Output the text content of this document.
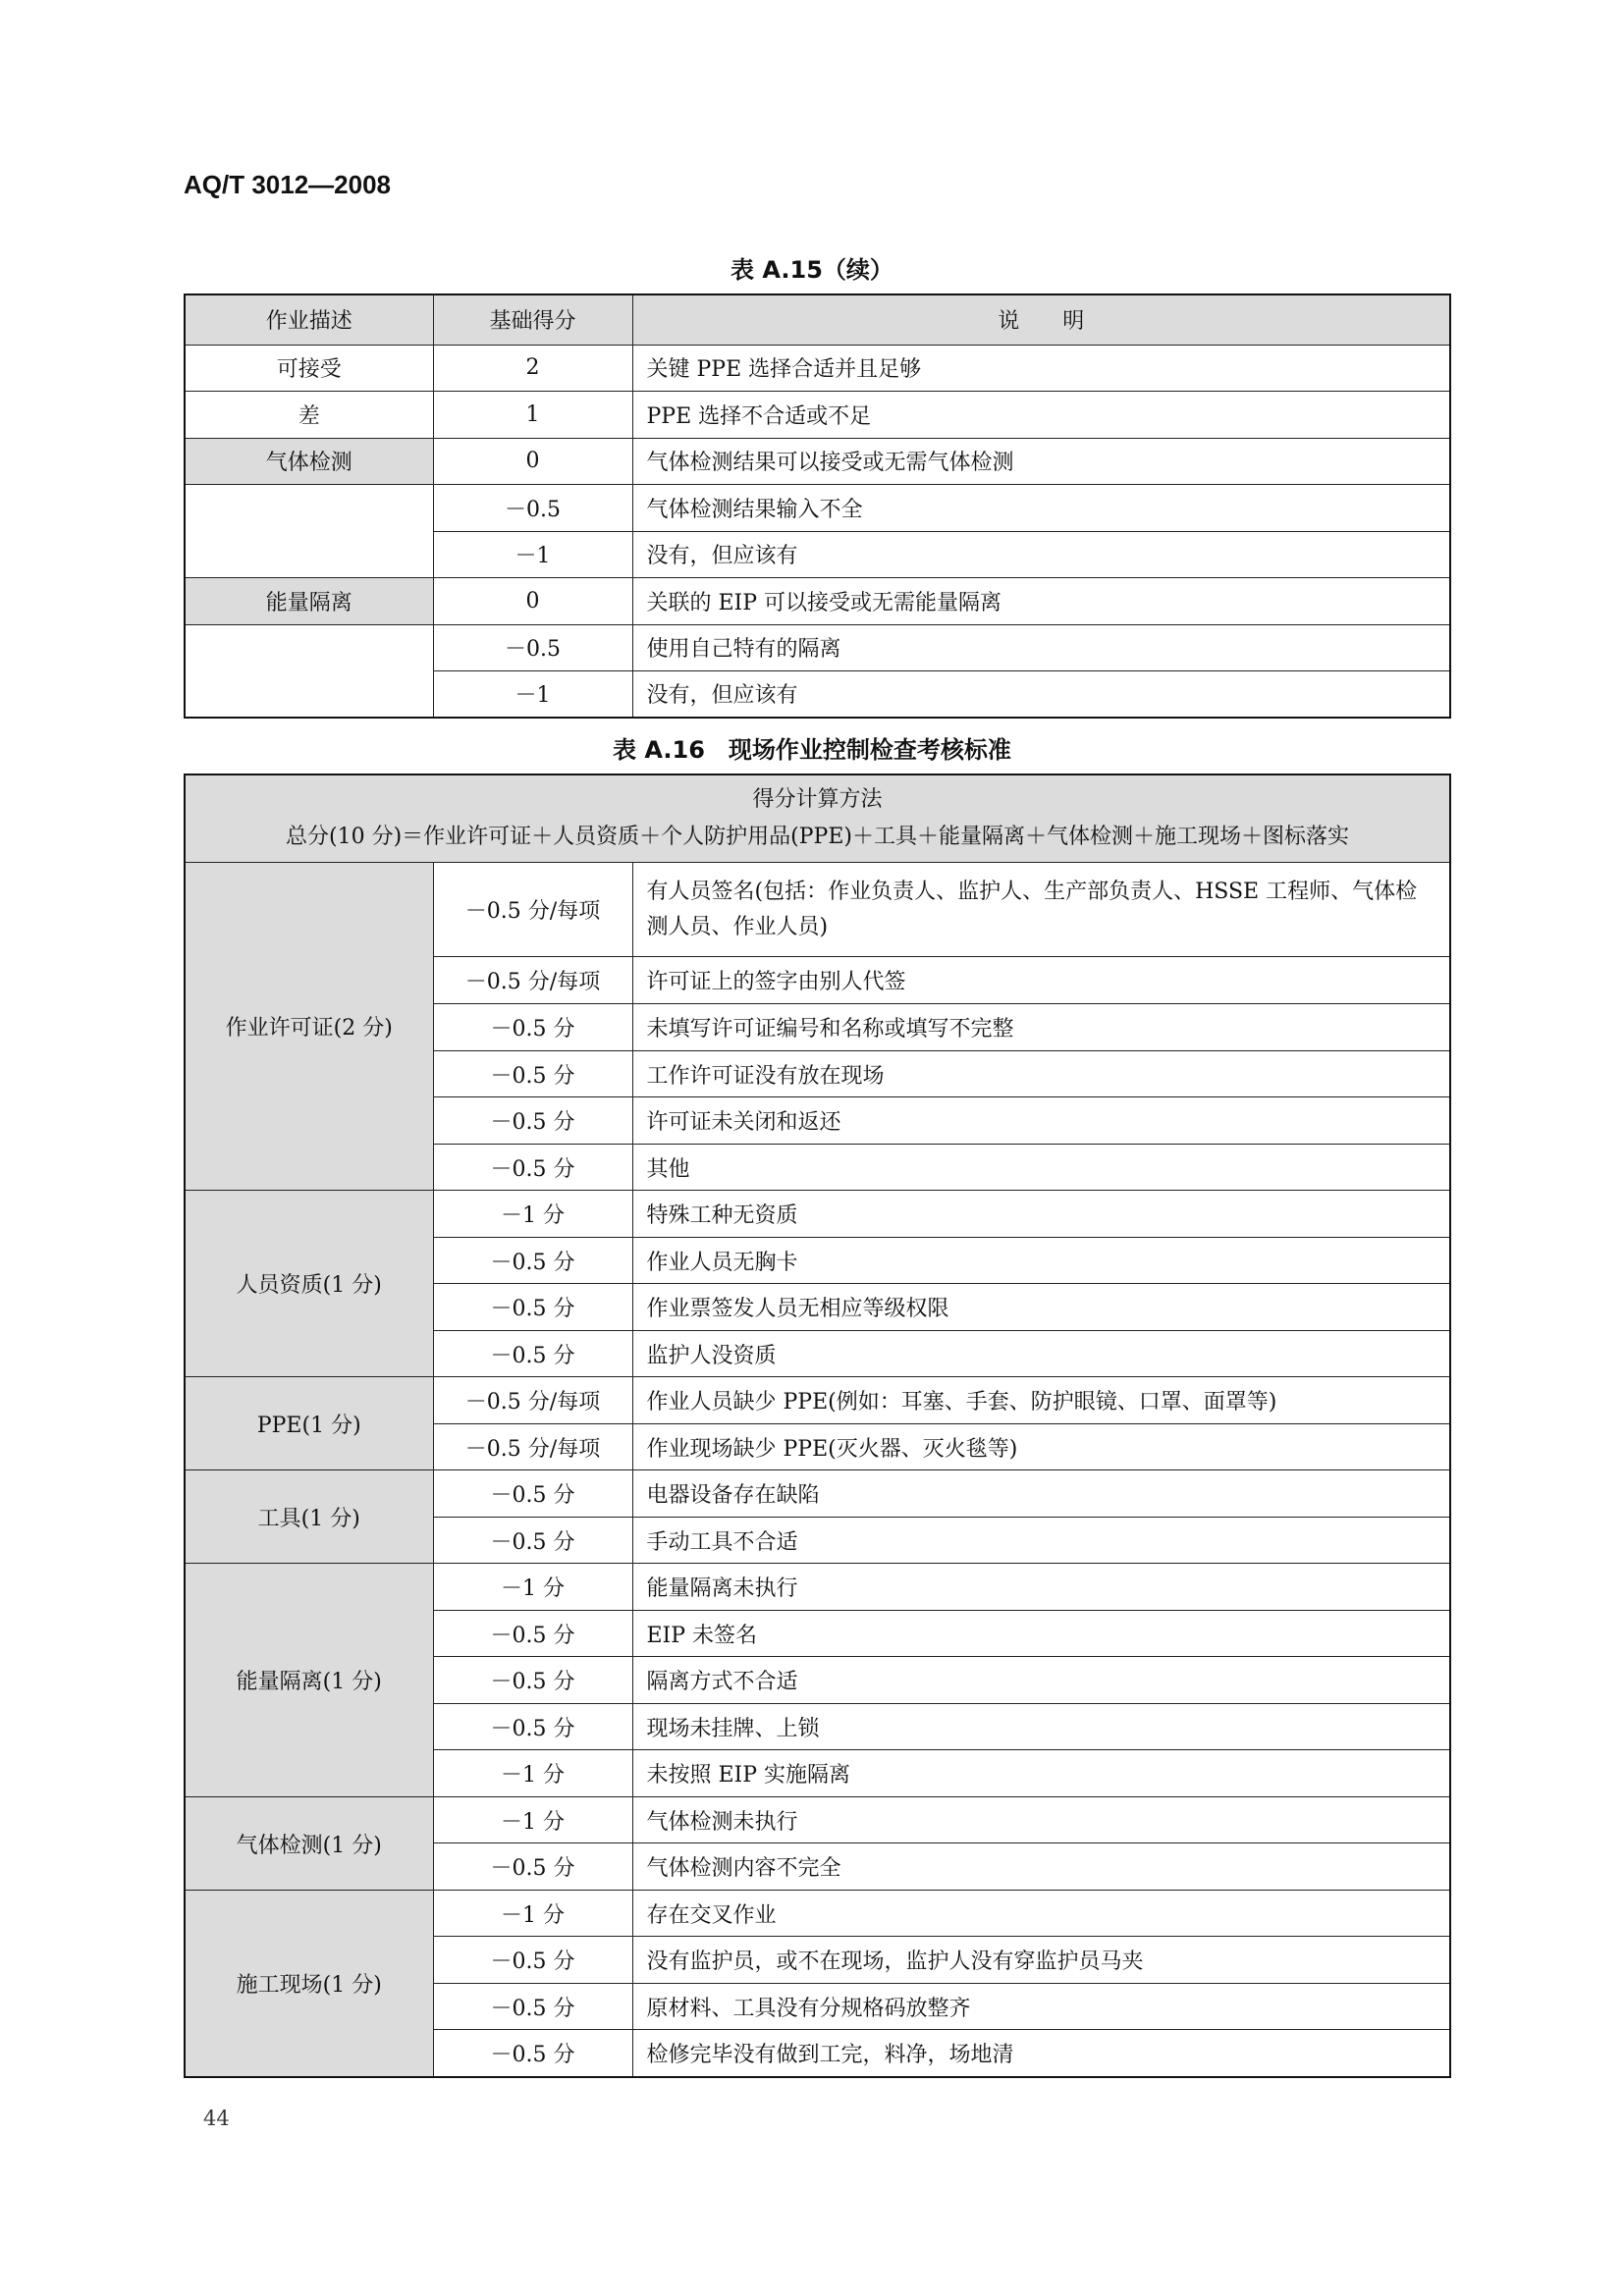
AQ/T 3012—2008
表 A.15（续）
作业描述	基础得分	说　　明
可接受	2	关键 PPE 选择合适并且足够
差	1	PPE 选择不合适或不足
气体检测	0	气体检测结果可以接受或无需气体检测
	－0.5	气体检测结果输入不全
	－1	没有，但应该有
能量隔离	0	关联的 EIP 可以接受或无需能量隔离
	－0.5	使用自己特有的隔离
	－1	没有，但应该有
表 A.16　现场作业控制检查考核标准
得分计算方法
总分(10 分)＝作业许可证＋人员资质＋个人防护用品(PPE)＋工具＋能量隔离＋气体检测＋施工现场＋图标落实		

作业许可证(2 分)	－0.5 分/每项	有人员签名(包括：作业负责人、监护人、生产部负责人、HSSE 工程师、气体检测人员、作业人员)
	－0.5 分/每项	许可证上的签字由别人代签
	－0.5 分	未填写许可证编号和名称或填写不完整
	－0.5 分	工作许可证没有放在现场
	－0.5 分	许可证未关闭和返还
	－0.5 分	其他
人员资质(1 分)	－1 分	特殊工种无资质
	－0.5 分	作业人员无胸卡
	－0.5 分	作业票签发人员无相应等级权限
	－0.5 分	监护人没资质
PPE(1 分)	－0.5 分/每项	作业人员缺少 PPE(例如：耳塞、手套、防护眼镜、口罩、面罩等)
	－0.5 分/每项	作业现场缺少 PPE(灭火器、灭火毯等)
工具(1 分)	－0.5 分	电器设备存在缺陷
	－0.5 分	手动工具不合适
能量隔离(1 分)	－1 分	能量隔离未执行
	－0.5 分	EIP 未签名
	－0.5 分	隔离方式不合适
	－0.5 分	现场未挂牌、上锁
	－1 分	未按照 EIP 实施隔离
气体检测(1 分)	－1 分	气体检测未执行
	－0.5 分	气体检测内容不完全
施工现场(1 分)	－1 分	存在交叉作业
	－0.5 分	没有监护员，或不在现场，监护人没有穿监护员马夹
	－0.5 分	原材料、工具没有分规格码放整齐
	－0.5 分	检修完毕没有做到工完，料净，场地清
44
